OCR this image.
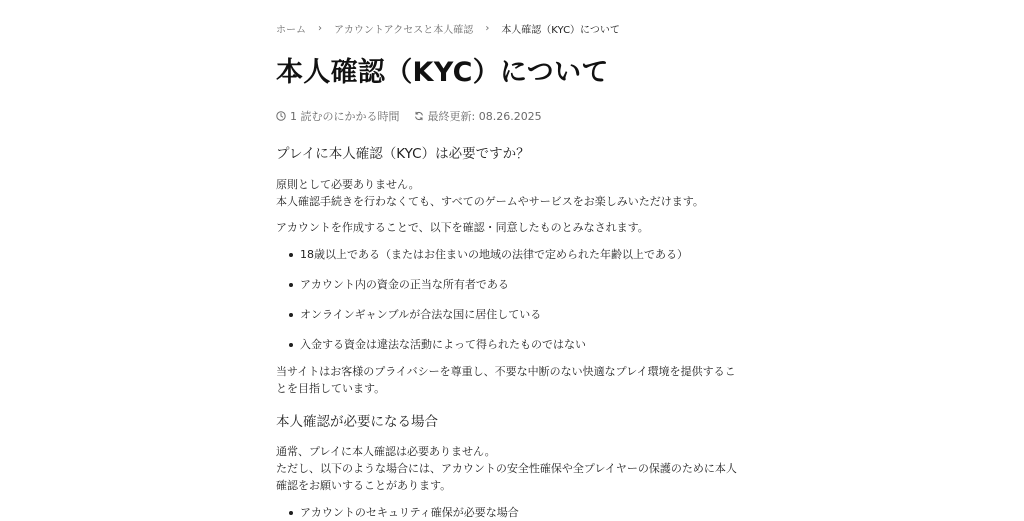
ホーム › アカウントアクセスと本人確認 › 本人確認（KYC）について
本人確認（KYC）について
1 読むのにかかる時間	最終更新: 08.26.2025
プレイに本人確認（KYC）は必要ですか？

原則として必要ありません。
本人確認手続きを行わなくても、すべてのゲームやサービスをお楽しみいただけます。

アカウントを作成することで、以下を確認・同意したものとみなされます。

18歳以上である（またはお住まいの地域の法律で定められた年齢以上である）
アカウント内の資金の正当な所有者である
オンラインギャンブルが合法な国に居住している
入金する資金は違法な活動によって得られたものではない

当サイトはお客様のプライバシーを尊重し、不要な中断のない快適なプレイ環境を提供するこ
とを目指しています。

本人確認が必要になる場合

通常、プレイに本人確認は必要ありません。
ただし、以下のような場合には、アカウントの安全性確保や全プレイヤーの保護のために本人
確認をお願いすることがあります。

アカウントのセキュリティ確保が必要な場合
